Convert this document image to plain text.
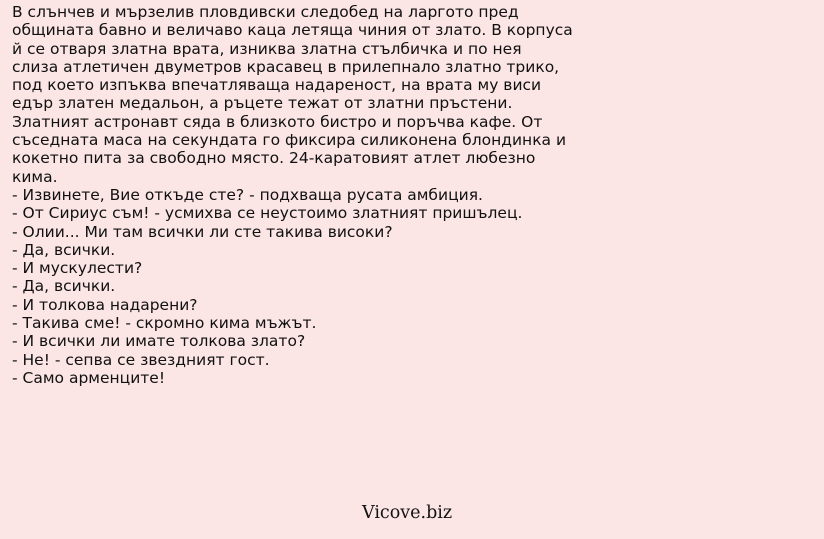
В слънчев и мързелив пловдивски следобед на ларгото пред
общината бавно и величаво каца летяща чиния от злато. В корпуса
й се отваря златна врата, изниква златна стълбичка и по нея
слиза атлетичен двуметров красавец в прилепнало златно трико,
под което изпъква впечатляваща надареност, на врата му виси
едър златен медальон, а ръцете тежат от златни пръстени.
Златният астронавт сяда в близкото бистро и поръчва кафе. От
съседната маса на секундата го фиксира силиконена блондинка и
кокетно пита за свободно място. 24-каратовият атлет любезно
кима.

- Извинете, Вие откъде сте? - подхваща русата амбиция.
- От Сириус съм! - усмихва се неустоимо златният пришълец.
- Олии... Ми там всички ли сте такива високи?
- Да, всички.
- И мускулести?
- Да, всички.
- И толкова надарени?
- Такива сме! - скромно кима мъжът.
- И всички ли имате толкова злато?
- Не! - сепва се звездният гост.
- Само арменците!

Vicove.biz
